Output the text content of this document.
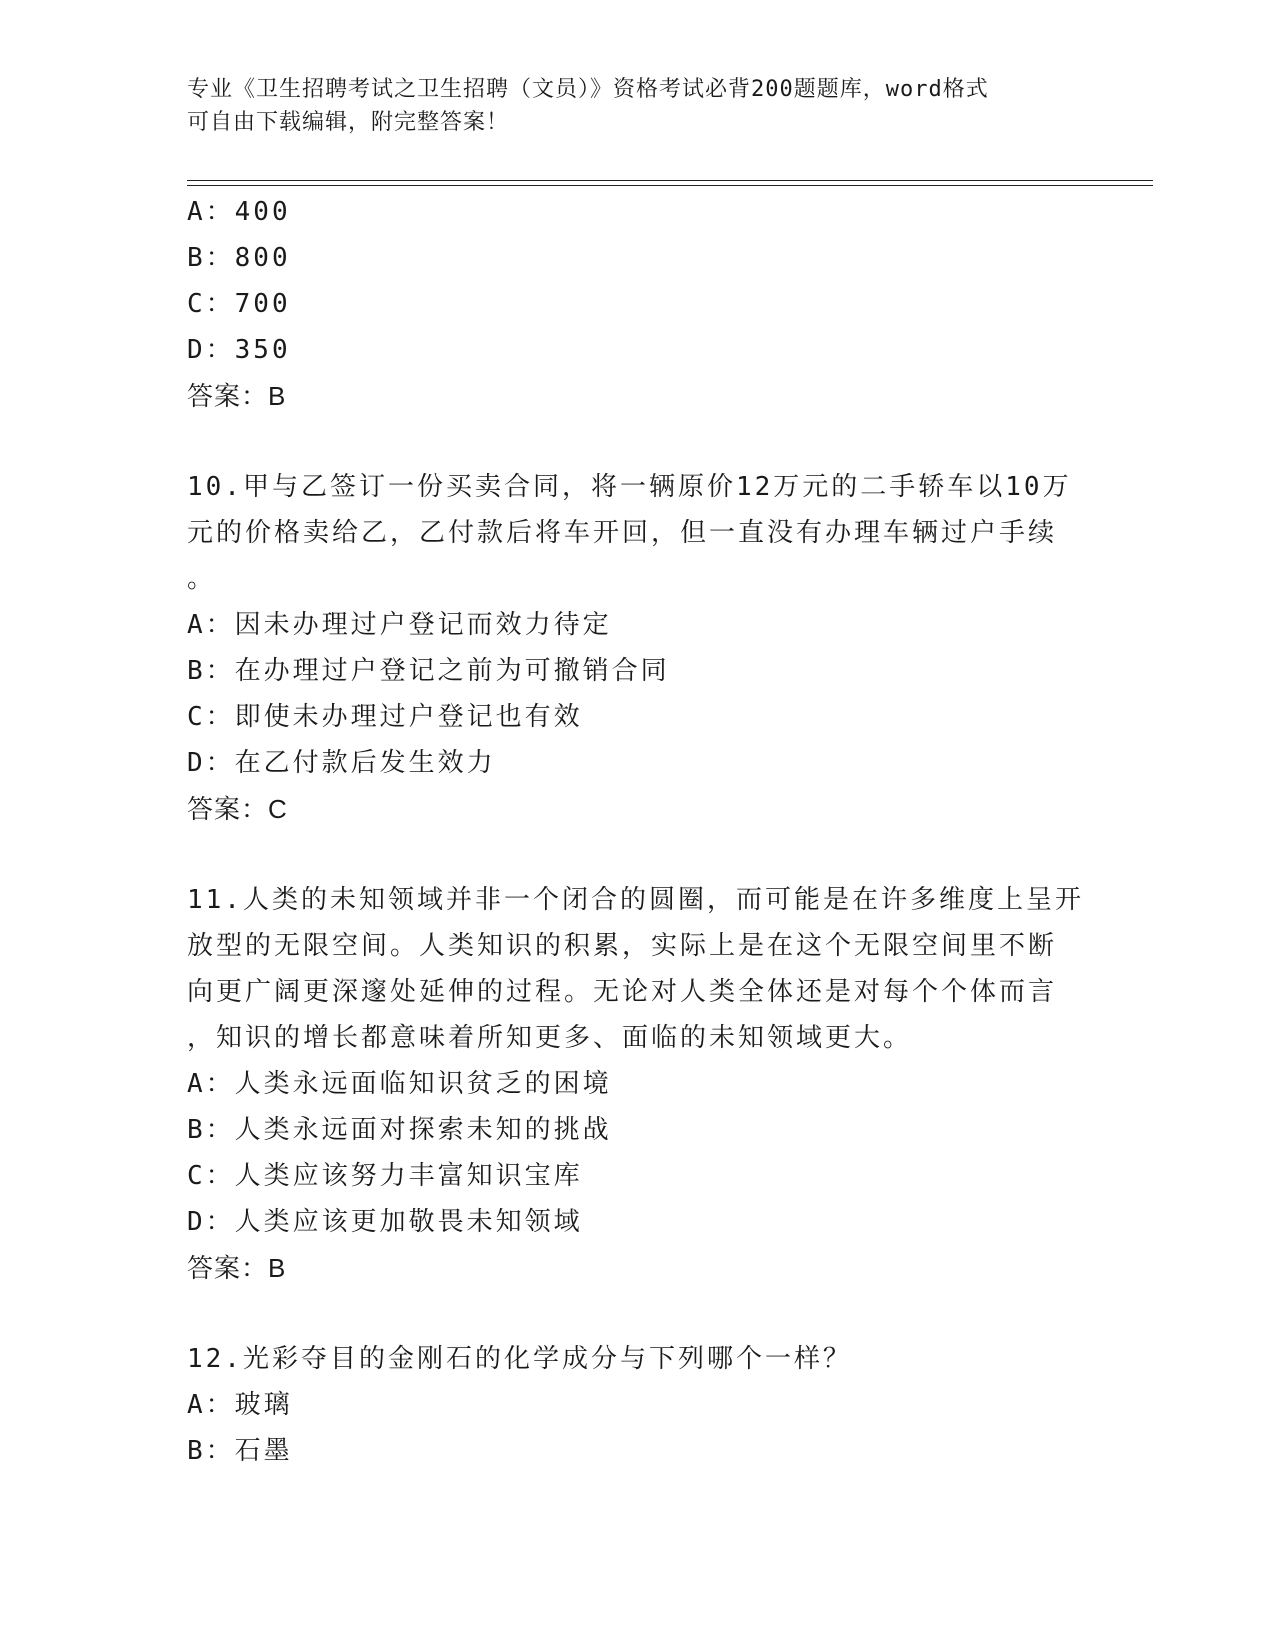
专业《卫生招聘考试之卫生招聘（文员）》资格考试必背200题题库，word格式
可自由下载编辑，附完整答案！

A：400

B：800

C：700

D：350

答案：B

10.甲与乙签订一份买卖合同，将一辆原价12万元的二手轿车以10万

元的价格卖给乙，乙付款后将车开回，但一直没有办理车辆过户手续

。

A：因未办理过户登记而效力待定

B：在办理过户登记之前为可撤销合同

C：即使未办理过户登记也有效

D：在乙付款后发生效力

答案：C

11.人类的未知领域并非一个闭合的圆圈，而可能是在许多维度上呈开

放型的无限空间。人类知识的积累，实际上是在这个无限空间里不断

向更广阔更深邃处延伸的过程。无论对人类全体还是对每个个体而言

，知识的增长都意味着所知更多、面临的未知领域更大。

A：人类永远面临知识贫乏的困境

B：人类永远面对探索未知的挑战

C：人类应该努力丰富知识宝库

D：人类应该更加敬畏未知领域

答案：B

12.光彩夺目的金刚石的化学成分与下列哪个一样？

A：玻璃

B：石墨
